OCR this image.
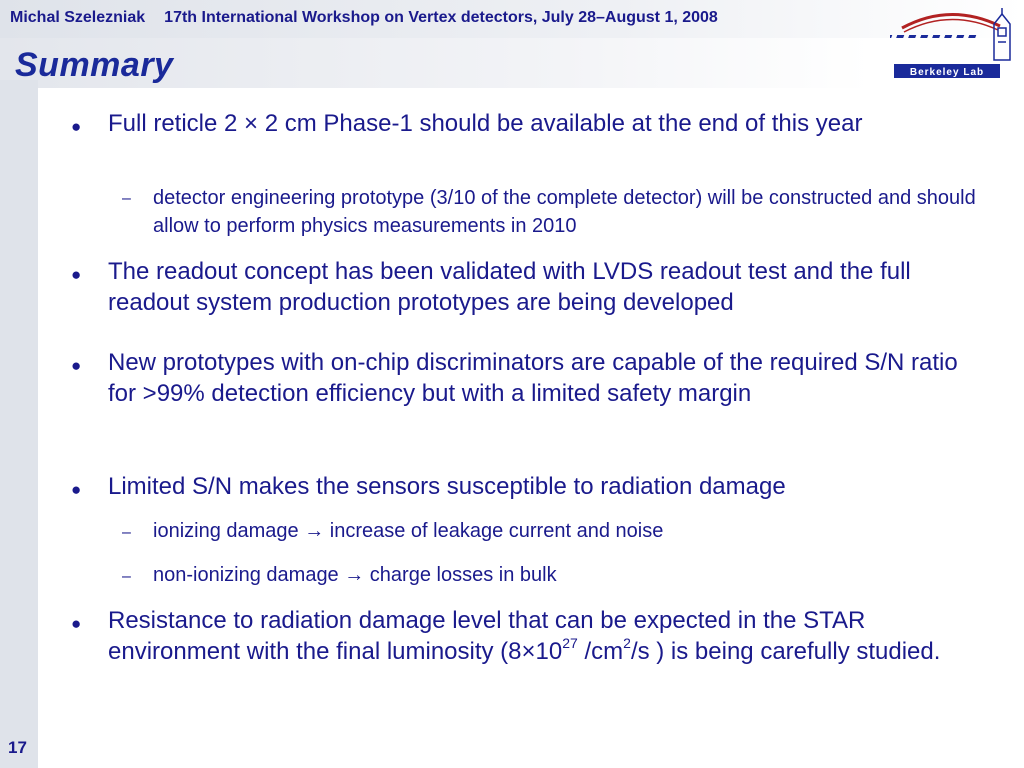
Michal Szelezniak 17th International Workshop on Vertex detectors, July 28–August 1, 2008
Summary	Berkeley Lab
● Full reticle 2 × 2 cm Phase-1 should be available at the end of this year
– detector engineering prototype (3/10 of the complete detector) will be constructed and should allow to perform physics measurements in 2010
● The readout concept has been validated with LVDS readout test and the full readout system production prototypes are being developed
● New prototypes with on-chip discriminators are capable of the required S/N ratio for >99% detection efficiency but with a limited safety margin
● Limited S/N makes the sensors susceptible to radiation damage
– ionizing damage → increase of leakage current and noise
– non-ionizing damage → charge losses in bulk
● Resistance to radiation damage level that can be expected in the STAR environment with the final luminosity ($8\times 10^{27}$ $/cm^2/s$ ) is being carefully studied.
17
